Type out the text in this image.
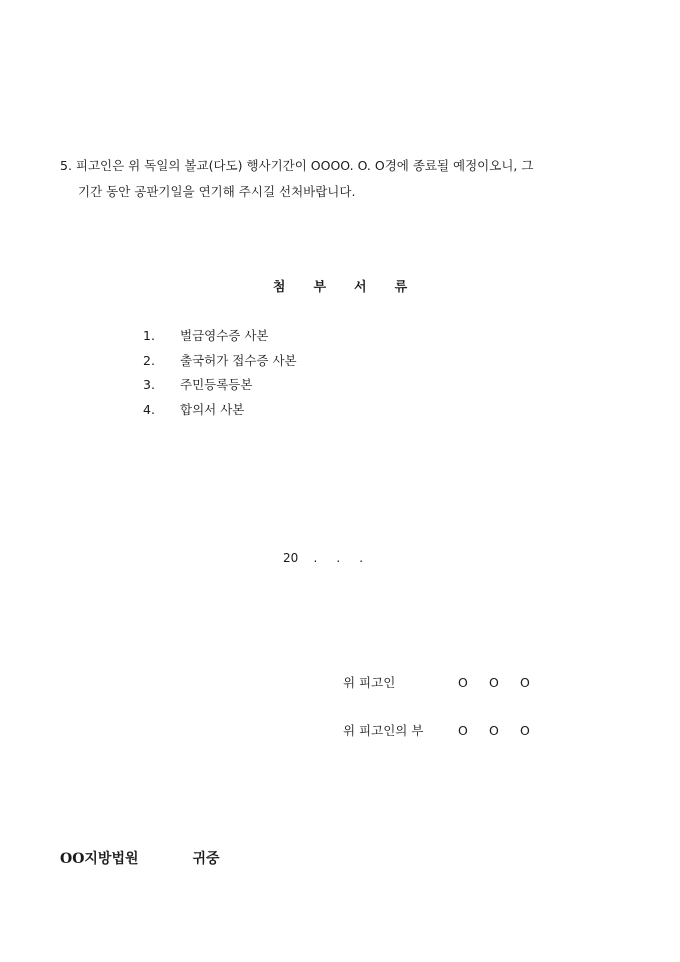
5. 피고인은 위 독일의 볼교(다도) 행사기간이 OOOO. O. O경에 종료될 예정이오니, 그
기간 동안 공판기일을 연기해 주시길 선처바랍니다.
첨 부 서 류
1. 벌금영수증 사본
2. 출국허가 접수증 사본
3. 주민등록등본
4. 합의서 사본
20    .     .     .
위 피고인	O O O
위 피고인의 부	O O O
OO지방법원	귀중
